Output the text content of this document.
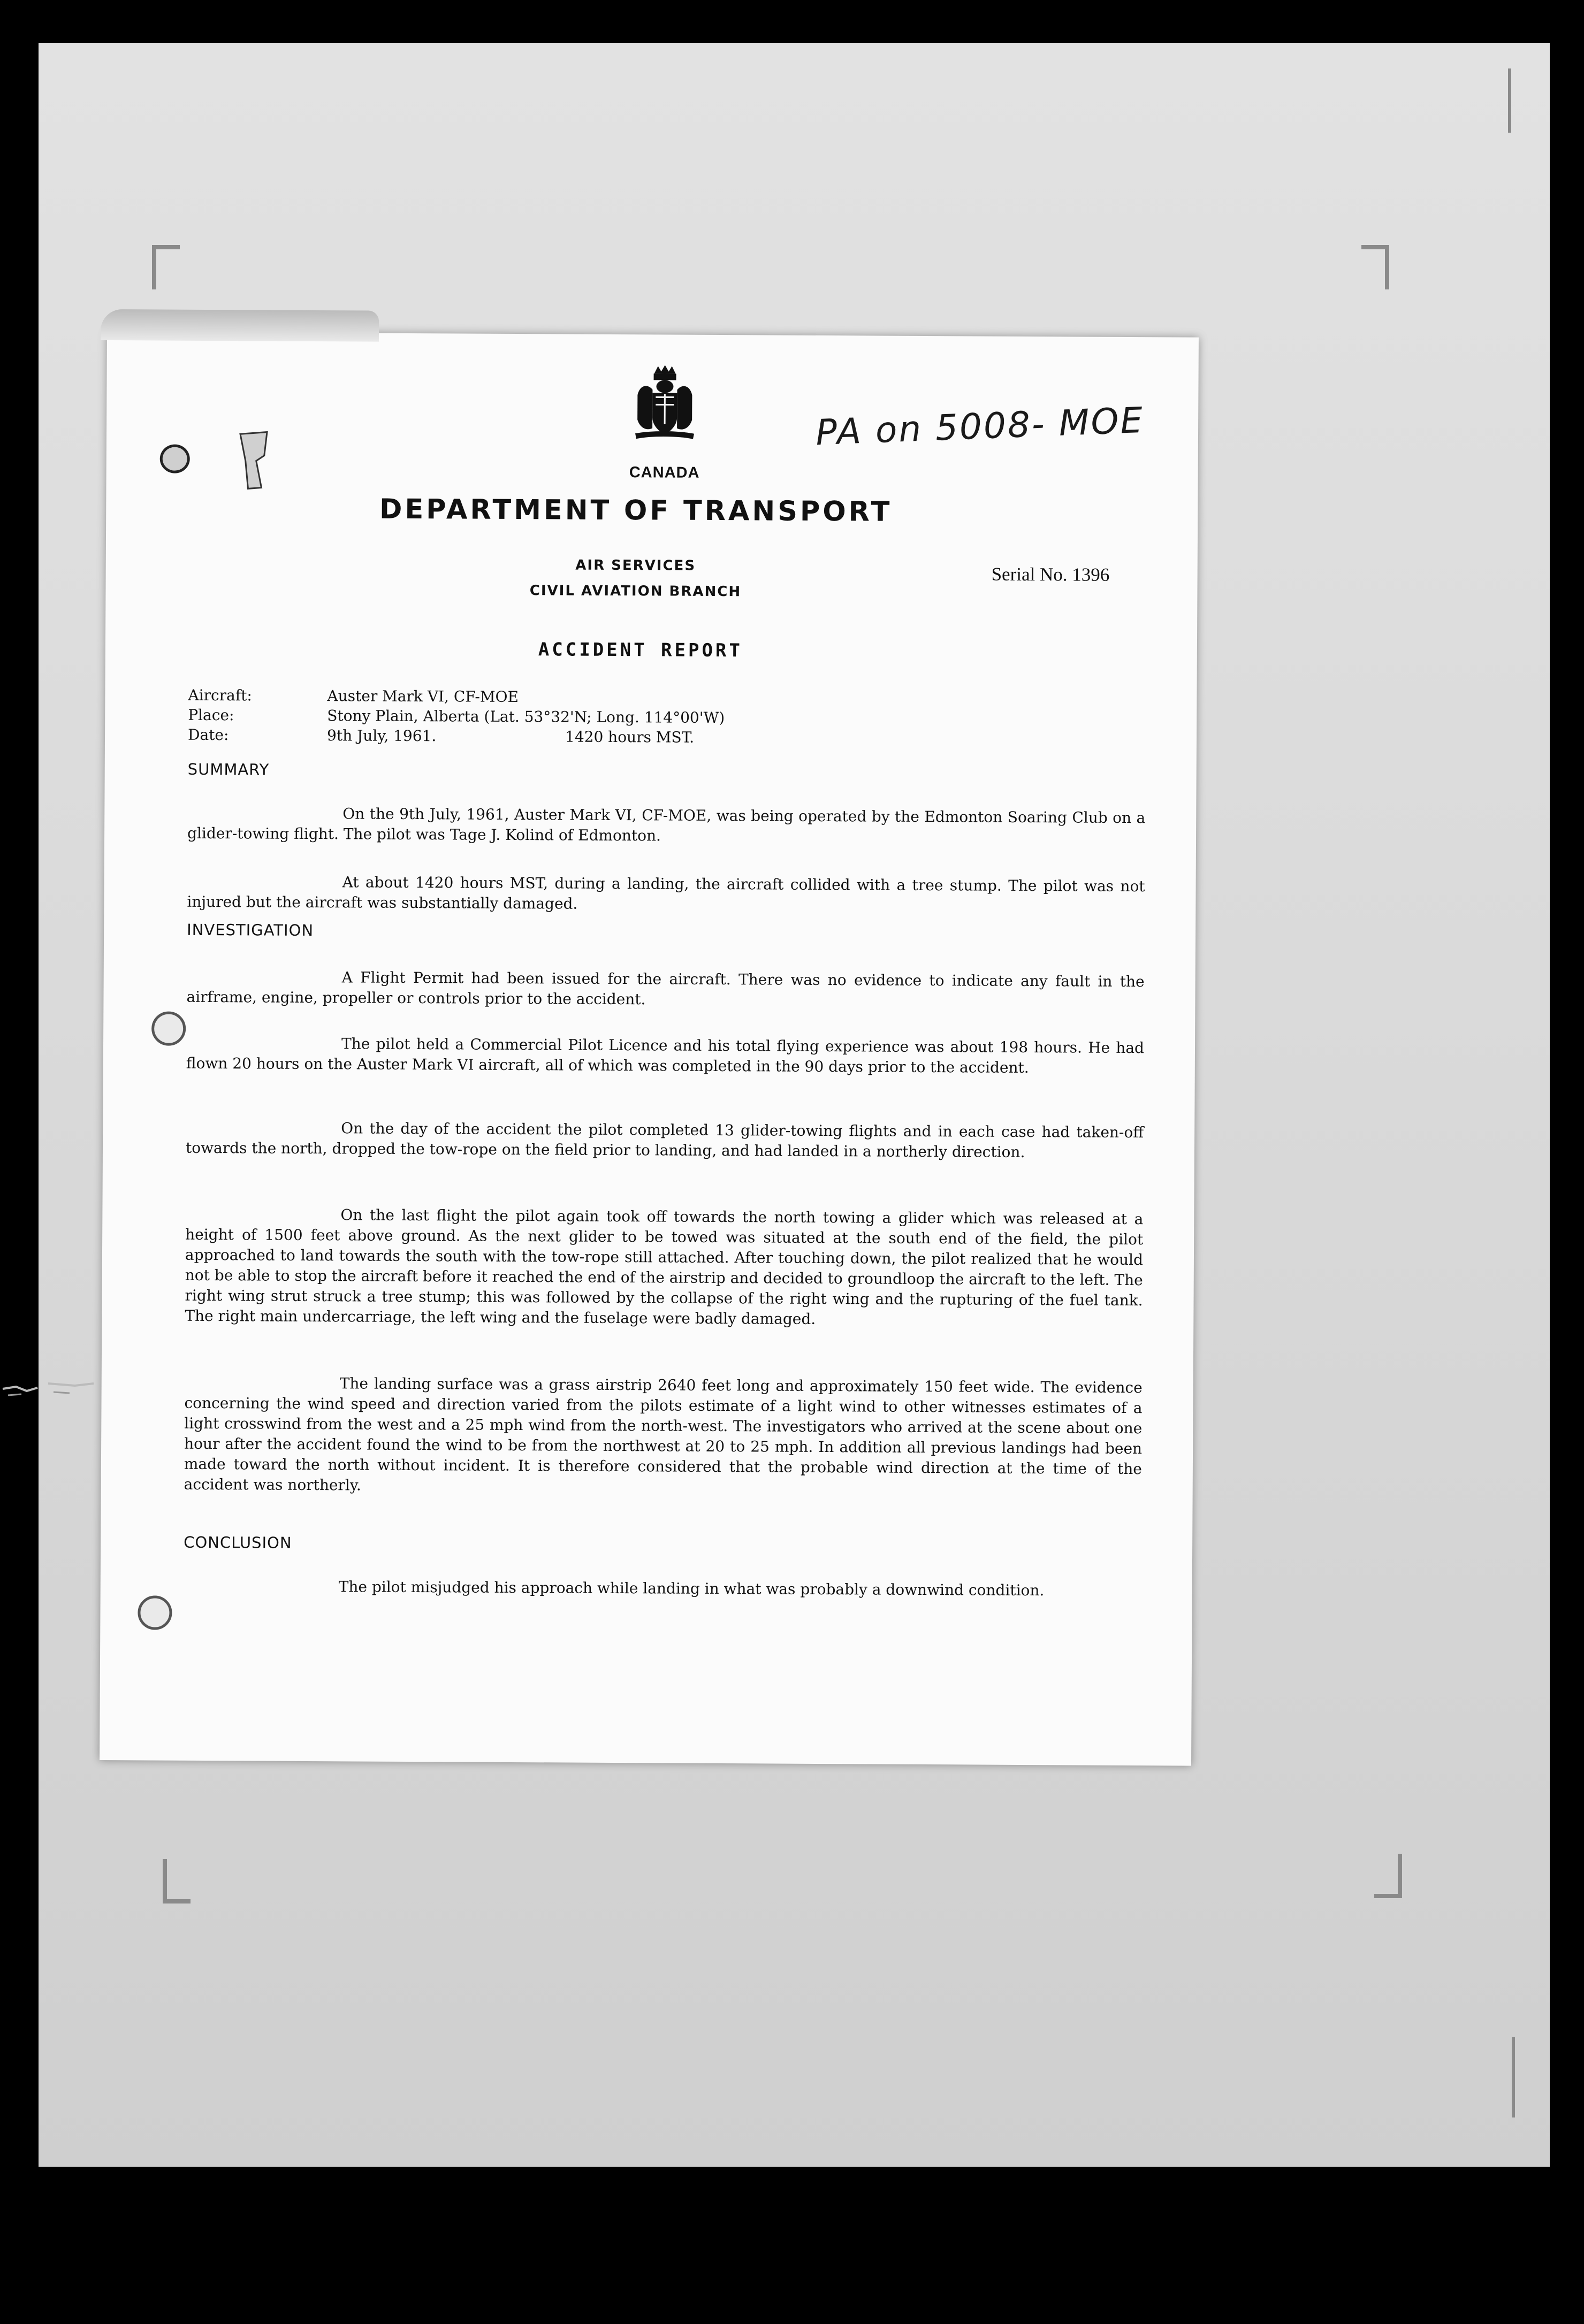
CANADA
PA on 5008- MOE
DEPARTMENT OF TRANSPORT
AIR SERVICES
CIVIL AVIATION BRANCH
Serial No. 1396
ACCIDENT REPORT
Aircraft:	Auster Mark VI, CF-MOE
Place:	Stony Plain, Alberta (Lat. 53°32'N; Long. 114°00'W)
Date:	9th July, 1961.	1420 hours MST.
SUMMARY
On the 9th July, 1961, Auster Mark VI, CF-MOE, was being operated by the Edmonton Soaring Club on a glider-towing flight. The pilot was Tage J. Kolind of Edmonton.
At about 1420 hours MST, during a landing, the aircraft collided with a tree stump. The pilot was not injured but the aircraft was substantially damaged.
INVESTIGATION
A Flight Permit had been issued for the aircraft. There was no evidence to indicate any fault in the airframe, engine, propeller or controls prior to the accident.
The pilot held a Commercial Pilot Licence and his total flying experience was about 198 hours. He had flown 20 hours on the Auster Mark VI aircraft, all of which was completed in the 90 days prior to the accident.
On the day of the accident the pilot completed 13 glider-towing flights and in each case had taken-off towards the north, dropped the tow-rope on the field prior to landing, and had landed in a northerly direction.
On the last flight the pilot again took off towards the north towing a glider which was released at a height of 1500 feet above ground. As the next glider to be towed was situated at the south end of the field, the pilot approached to land towards the south with the tow-rope still attached. After touching down, the pilot realized that he would not be able to stop the aircraft before it reached the end of the airstrip and decided to groundloop the aircraft to the left. The right wing strut struck a tree stump; this was followed by the collapse of the right wing and the rupturing of the fuel tank. The right main undercarriage, the left wing and the fuselage were badly damaged.
The landing surface was a grass airstrip 2640 feet long and approximately 150 feet wide. The evidence concerning the wind speed and direction varied from the pilots estimate of a light wind to other witnesses estimates of a light crosswind from the west and a 25 mph wind from the north-west. The investigators who arrived at the scene about one hour after the accident found the wind to be from the northwest at 20 to 25 mph. In addition all previous landings had been made toward the north without incident. It is therefore considered that the probable wind direction at the time of the accident was northerly.
CONCLUSION
The pilot misjudged his approach while landing in what was probably a downwind condition.
